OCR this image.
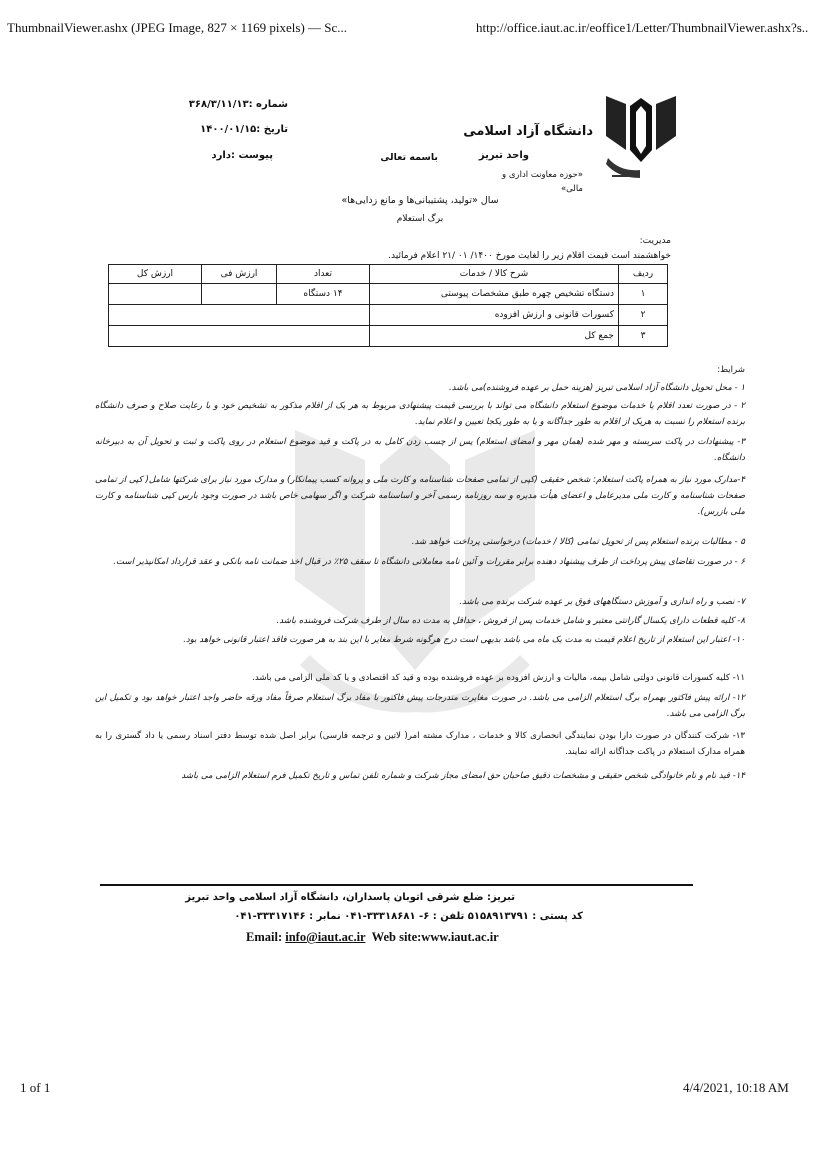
ThumbnailViewer.ashx (JPEG Image, 827 × 1169 pixels) — Sc...	http://office.iaut.ac.ir/eoffice1/Letter/ThumbnailViewer.ashx?s..
دانشگاه آزاد اسلامی
واحد تبریز
«حوزه معاونت اداری و مالی»
باسمه تعالی
شماره :۳۶۸/۳/۱۱/۱۳
تاریخ :۱۴۰۰/۰۱/۱۵
پیوست :دارد
سال «تولید، پشتیبانی‌ها و مانع زدایی‌ها»
برگ استعلام
مدیریت:
خواهشمند است قیمت اقلام زیر را لغایت مورخ ۱۴۰۰/ ۰۱ /۲۱ اعلام فرمائید.
ردیف	شرح کالا / خدمات	تعداد	ارزش فی	ارزش کل
۱	دستگاه تشخیص چهره طبق مشخصات پیوستی	۱۴ دستگاه		
۲	کسورات قانونی و ارزش افزوده			
۳	جمع کل			
شرایط:
۱ - محل تحویل دانشگاه آزاد اسلامی تبریز (هزینه حمل بر عهده فروشنده)می باشد.
۲ - در صورت تعدد اقلام یا خدمات موضوع استعلام دانشگاه می تواند با بررسی قیمت پیشنهادی مربوط به هر یک از اقلام مذکور به تشخیص خود و با رعایت صلاح و صرف دانشگاه برنده استعلام را نسبت به هریک از اقلام به طور جداگانه و یا به طور یکجا تعیین و اعلام نماید.
۳- پیشنهادات در پاکت سربسته و مهر شده (همان مهر و امضای استعلام) پس از چسب زدن کامل به در پاکت و قید موضوع استعلام در روی پاکت و ثبت و تحویل آن به دبیرخانه دانشگاه.
۴-مدارک مورد نیاز به همراه پاکت استعلام: شخص حقیقی (کپی از تمامی صفحات شناسنامه و کارت ملی و پروانه کسب پیمانکار) و مدارک مورد نیاز برای شرکتها شامل( کپی از تمامی صفحات شناسنامه و کارت ملی مدیرعامل و اعضای هیأت مدیره و سه روزنامه رسمی آخر و اساسنامه شرکت و اگر سهامی خاص باشد در صورت وجود بارس کپی شناسنامه و کارت ملی بازرس).
۵ - مطالبات برنده استعلام پس از تحویل تمامی (کالا / خدمات) درخواستی پرداخت خواهد شد.
۶ - در صورت تقاضای پیش پرداخت از طرف پیشنهاد دهنده برابر مقررات و آئین نامه معاملاتی دانشگاه تا سقف ۲۵٪ در قبال اخذ ضمانت نامه بانکی و عقد قرارداد امکانپذیر است.
۷- نصب و راه اندازی و آموزش دستگاههای فوق بر عهده شرکت برنده می باشد.
۸- کلیه قطعات دارای یکسال گارانتی معتبر و شامل خدمات پس از فروش ، حداقل به مدت ده سال از طرف شرکت فروشنده باشد.
۱۰- اعتبار این استعلام از تاریخ اعلام قیمت به مدت یک ماه می باشد بدیهی است درج هرگونه شرط مغایر با این بند به هر صورت فاقد اعتبار قانونی خواهد بود.
۱۱- کلیه کسورات قانونی دولتی شامل بیمه، مالیات و ارزش افزوده بر عهده فروشنده بوده و قید کد اقتصادی و یا کد ملی الزامی می باشد.
۱۲- ارائه پیش فاکتور بهمراه برگ استعلام الزامی می باشد. در صورت مغایرت مندرجات پیش فاکتور با مفاد برگ استعلام صرفاً مفاد ورقه حاضر واجد اعتبار خواهد بود و تکمیل این برگ الزامی می باشد.
۱۳- شرکت کنندگان در صورت دارا بودن نمایندگی انحصاری کالا و خدمات ، مدارک مشته امر( لاتین و ترجمه فارسی) برابر اصل شده توسط دفتر اسناد رسمی یا داد گستری را به همراه مدارک استعلام در پاکت جداگانه ارائه نمایند.
۱۴- قید نام و نام خانوادگی شخص حقیقی و مشخصات دقیق صاحبان حق امضای مجاز شرکت و شماره تلفن تماس و تاریخ تکمیل فرم استعلام الزامی می باشد
تبریز: ضلع شرقی اتوبان پاسداران، دانشگاه آزاد اسلامی واحد تبریز
کد پستی : ۵۱۵۸۹۱۳۷۹۱ تلفن : ۶- ۳۳۳۱۸۶۸۱-۰۴۱ نمابر : ۳۳۳۱۷۱۴۶-۰۴۱
Email: info@iaut.ac.ir Web site:www.iaut.ac.ir
1 of 1	4/4/2021, 10:18 AM
